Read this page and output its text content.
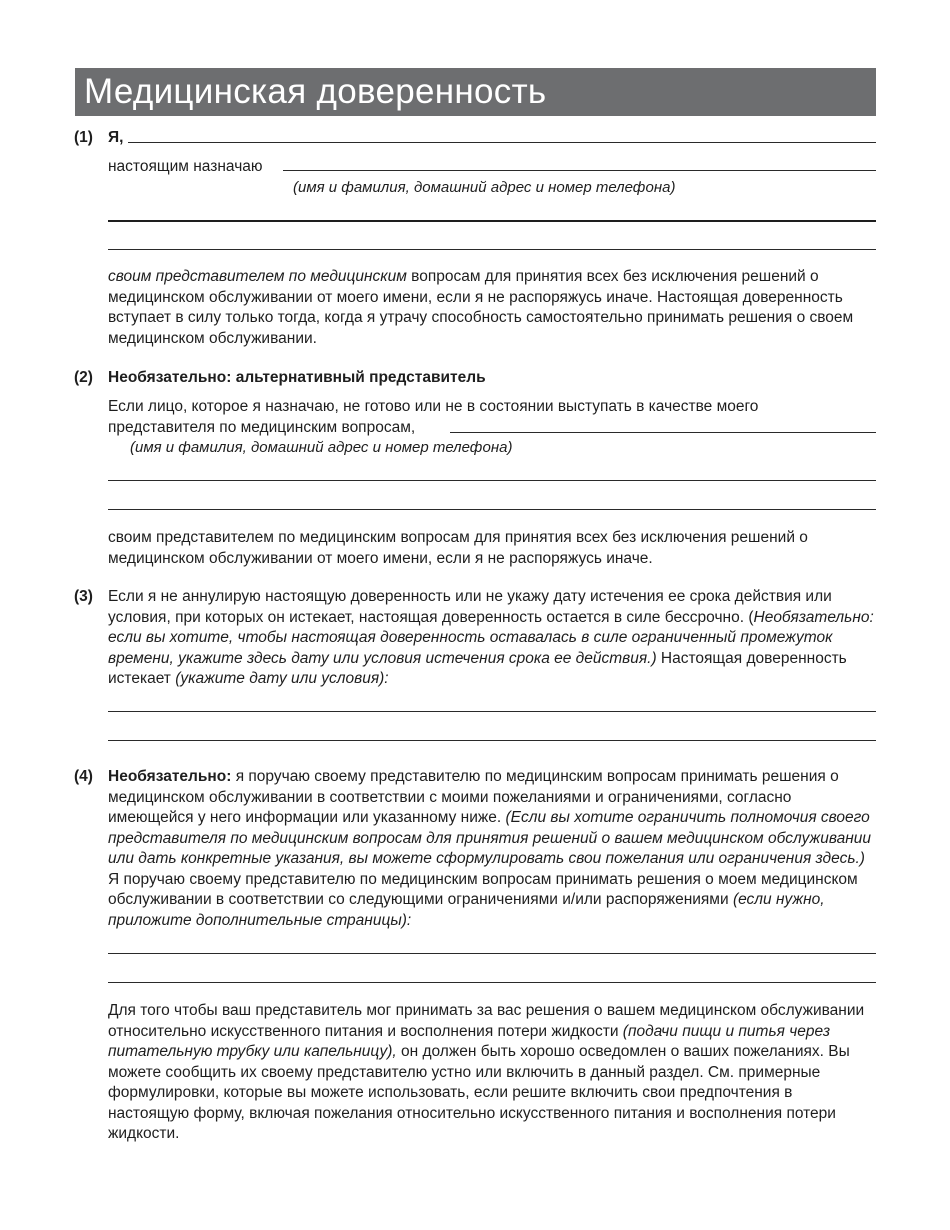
Медицинская доверенность
(1) Я,
настоящим назначаю
(имя и фамилия, домашний адрес и номер телефона)
своим представителем по медицинским вопросам для принятия всех без исключения решений о медицинском обслуживании от моего имени, если я не распоряжусь иначе. Настоящая доверенность вступает в силу только тогда, когда я утрачу способность самостоятельно принимать решения о своем медицинском обслуживании.
(2) Необязательно: альтернативный представитель
Если лицо, которое я назначаю, не готово или не в состоянии выступать в качестве моего
представителя по медицинским вопросам,
(имя и фамилия, домашний адрес и номер телефона)
своим представителем по медицинским вопросам для принятия всех без исключения решений о медицинском обслуживании от моего имени, если я не распоряжусь иначе.
(3) Если я не аннулирую настоящую доверенность или не укажу дату истечения ее срока действия или условия, при которых он истекает, настоящая доверенность остается в силе бессрочно. (Необязательно: если вы хотите, чтобы настоящая доверенность оставалась в силе ограниченный промежуток времени, укажите здесь дату или условия истечения срока ее действия.) Настоящая доверенность истекает (укажите дату или условия):
(4) Необязательно: я поручаю своему представителю по медицинским вопросам принимать решения о медицинском обслуживании в соответствии с моими пожеланиями и ограничениями, согласно имеющейся у него информации или указанному ниже. (Если вы хотите ограничить полномочия своего представителя по медицинским вопросам для принятия решений о вашем медицинском обслуживании или дать конкретные указания, вы можете сформулировать свои пожелания или ограничения здесь.) Я поручаю своему представителю по медицинским вопросам принимать решения о моем медицинском обслуживании в соответствии со следующими ограничениями и/или распоряжениями (если нужно, приложите дополнительные страницы):
Для того чтобы ваш представитель мог принимать за вас решения о вашем медицинском обслуживании относительно искусственного питания и восполнения потери жидкости (подачи пищи и питья через питательную трубку или капельницу), он должен быть хорошо осведомлен о ваших пожеланиях. Вы можете сообщить их своему представителю устно или включить в данный раздел. См. примерные формулировки, которые вы можете использовать, если решите включить свои предпочтения в настоящую форму, включая пожелания относительно искусственного питания и восполнения потери жидкости.
